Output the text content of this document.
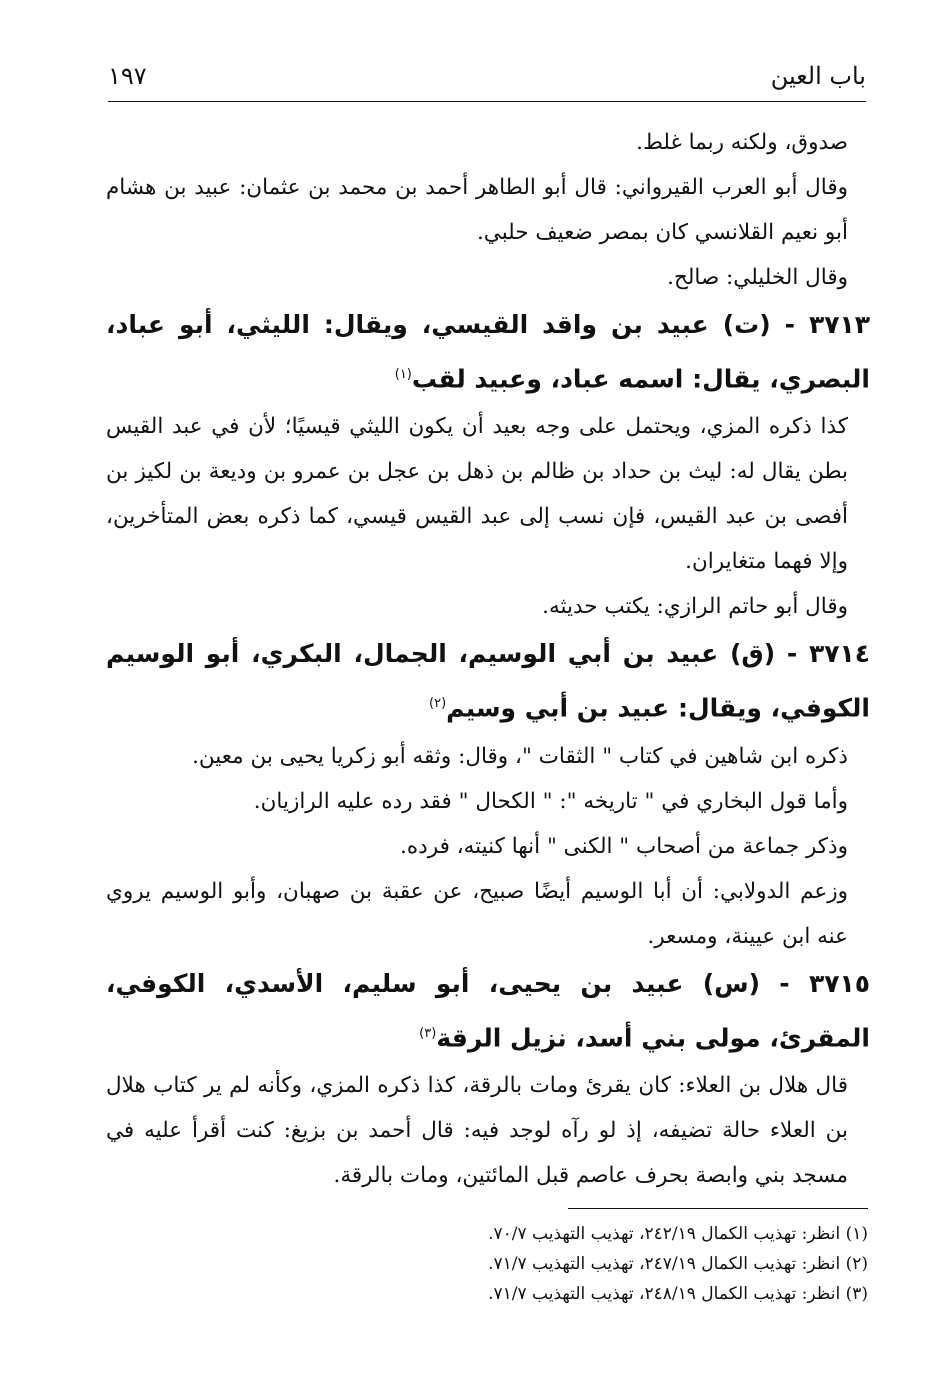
باب العين
١٩٧

صدوق، ولكنه ربما غلط.

وقال أبو العرب القيرواني: قال أبو الطاهر أحمد بن محمد بن عثمان: عبيد بن هشام أبو نعيم القلانسي كان بمصر ضعيف حلبي.

وقال الخليلي: صالح.

٣٧١٣ - (ت) عبيد بن واقد القيسي، ويقال: الليثي، أبو عباد، البصري، يقال: اسمه عباد، وعبيد لقب$^{(١)}$

كذا ذكره المزي، ويحتمل على وجه بعيد أن يكون الليثي قيسيًا؛ لأن في عبد القيس بطن يقال له: ليث بن حداد بن ظالم بن ذهل بن عجل بن عمرو بن وديعة بن لكيز بن أفصى بن عبد القيس، فإن نسب إلى عبد القيس قيسي، كما ذكره بعض المتأخرين، وإلا فهما متغايران.

وقال أبو حاتم الرازي: يكتب حديثه.

٣٧١٤ - (ق) عبيد بن أبي الوسيم، الجمال، البكري، أبو الوسيم الكوفي، ويقال: عبيد بن أبي وسيم$^{(٢)}$

ذكره ابن شاهين في كتاب " الثقات "، وقال: وثقه أبو زكريا يحيى بن معين.

وأما قول البخاري في " تاريخه ": " الكحال " فقد رده عليه الرازيان.

وذكر جماعة من أصحاب " الكنى " أنها كنيته، فرده.

وزعم الدولابي: أن أبا الوسيم أيضًا صبيح، عن عقبة بن صهبان، وأبو الوسيم يروي عنه ابن عيينة، ومسعر.

٣٧١٥ - (س) عبيد بن يحيى، أبو سليم، الأسدي، الكوفي، المقرئ، مولى بني أسد، نزيل الرقة$^{(٣)}$

قال هلال بن العلاء: كان يقرئ ومات بالرقة، كذا ذكره المزي، وكأنه لم ير كتاب هلال بن العلاء حالة تضيفه، إذ لو رآه لوجد فيه: قال أحمد بن بزيغ: كنت أقرأ عليه في مسجد بني وابصة بحرف عاصم قبل المائتين، ومات بالرقة.

(١) انظر: تهذيب الكمال ٢٤٢/١٩، تهذيب التهذيب ٧٠/٧.

(٢) انظر: تهذيب الكمال ٢٤٧/١٩، تهذيب التهذيب ٧١/٧.

(٣) انظر: تهذيب الكمال ٢٤٨/١٩، تهذيب التهذيب ٧١/٧.
